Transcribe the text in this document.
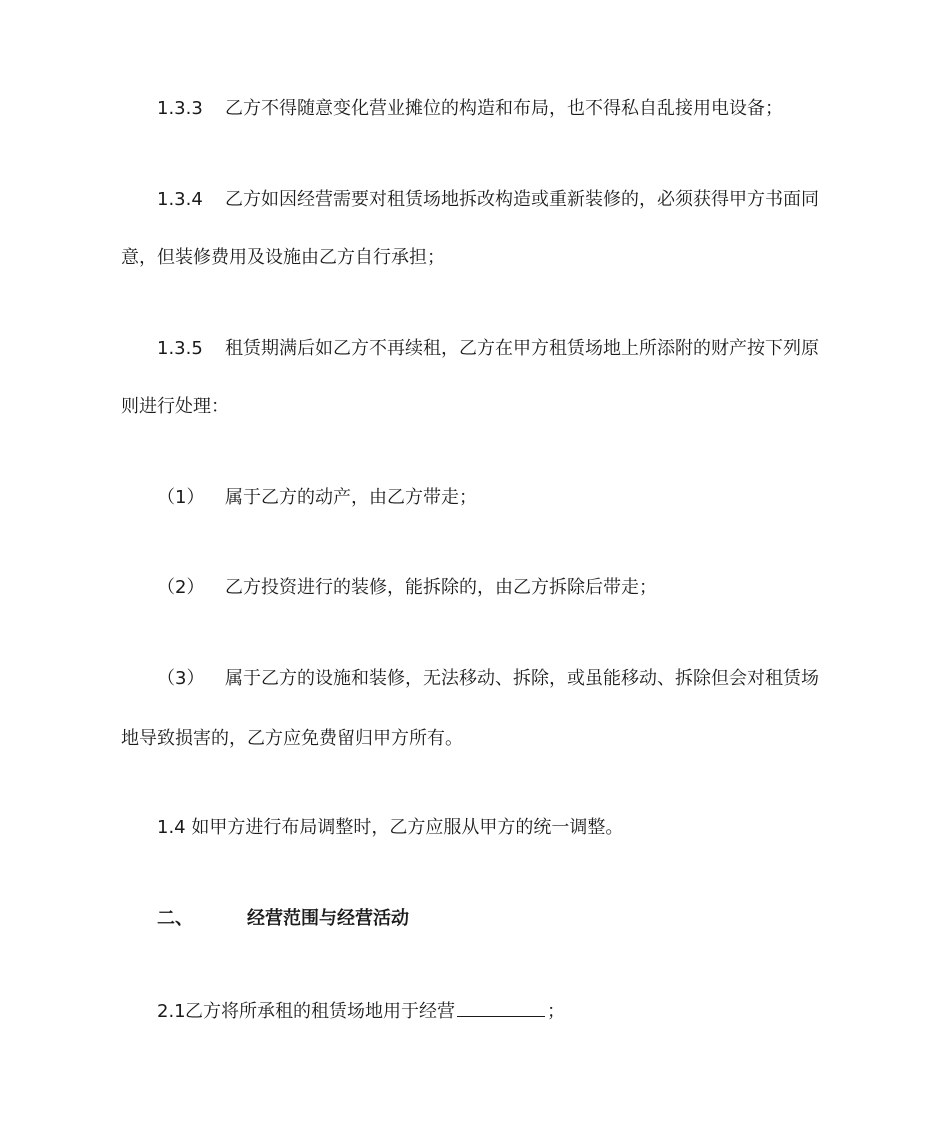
1.3.3 乙方不得随意变化营业摊位的构造和布局，也不得私自乱接用电设备；
1.3.4 乙方如因经营需要对租赁场地拆改构造或重新装修的，必须获得甲方书面同
意，但装修费用及设施由乙方自行承担；
1.3.5 租赁期满后如乙方不再续租，乙方在甲方租赁场地上所添附的财产按下列原
则进行处理：
（1） 属于乙方的动产，由乙方带走；
（2） 乙方投资进行的装修，能拆除的，由乙方拆除后带走；
（3） 属于乙方的设施和装修，无法移动、拆除，或虽能移动、拆除但会对租赁场
地导致损害的，乙方应免费留归甲方所有。
1.4 如甲方进行布局调整时，乙方应服从甲方的统一调整。
二、	经营范围与经营活动
2.1乙方将所承租的租赁场地用于经营	；
